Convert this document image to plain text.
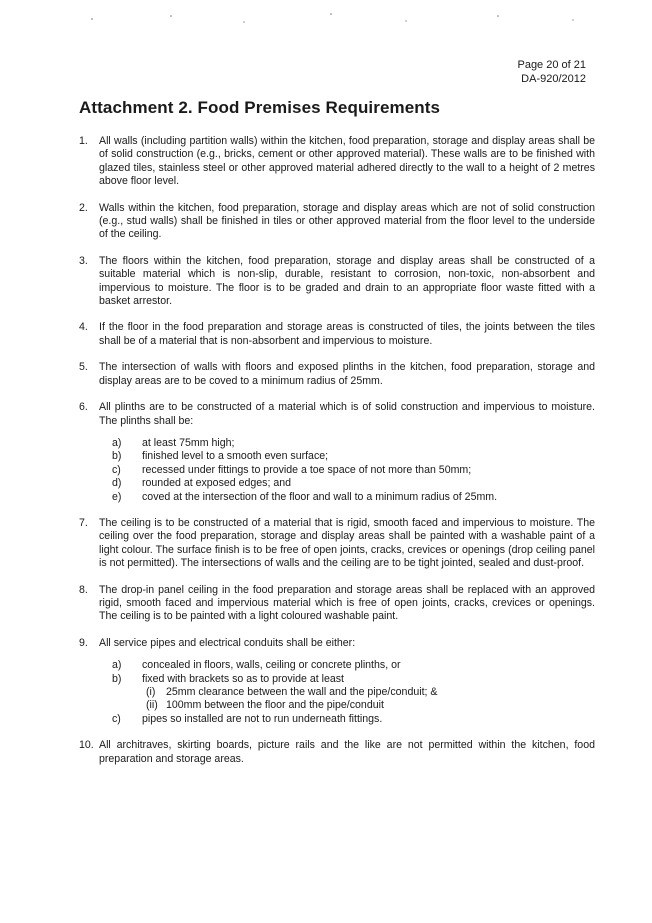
Page 20 of 21
DA-920/2012
Attachment 2. Food Premises Requirements
1.	All walls (including partition walls) within the kitchen, food preparation, storage and display areas shall be of solid construction (e.g., bricks, cement or other approved material). These walls are to be finished with glazed tiles, stainless steel or other approved material adhered directly to the wall to a height of 2 metres above floor level.
2.	Walls within the kitchen, food preparation, storage and display areas which are not of solid construction (e.g., stud walls) shall be finished in tiles or other approved material from the floor level to the underside of the ceiling.
3.	The floors within the kitchen, food preparation, storage and display areas shall be constructed of a suitable material which is non-slip, durable, resistant to corrosion, non-toxic, non-absorbent and impervious to moisture. The floor is to be graded and drain to an appropriate floor waste fitted with a basket arrestor.
4.	If the floor in the food preparation and storage areas is constructed of tiles, the joints between the tiles shall be of a material that is non-absorbent and impervious to moisture.
5.	The intersection of walls with floors and exposed plinths in the kitchen, food preparation, storage and display areas are to be coved to a minimum radius of 25mm.
6.	All plinths are to be constructed of a material which is of solid construction and impervious to moisture. The plinths shall be:
a)	at least 75mm high;
b)	finished level to a smooth even surface;
c)	recessed under fittings to provide a toe space of not more than 50mm;
d)	rounded at exposed edges; and
e)	coved at the intersection of the floor and wall to a minimum radius of 25mm.
7.	The ceiling is to be constructed of a material that is rigid, smooth faced and impervious to moisture. The ceiling over the food preparation, storage and display areas shall be painted with a washable paint of a light colour. The surface finish is to be free of open joints, cracks, crevices or openings (drop ceiling panel is not permitted). The intersections of walls and the ceiling are to be tight jointed, sealed and dust-proof.
8.	The drop-in panel ceiling in the food preparation and storage areas shall be replaced with an approved rigid, smooth faced and impervious material which is free of open joints, cracks, crevices or openings. The ceiling is to be painted with a light coloured washable paint.
9.	All service pipes and electrical conduits shall be either:
a)	concealed in floors, walls, ceiling or concrete plinths, or
b)	fixed with brackets so as to provide at least
(i) 25mm clearance between the wall and the pipe/conduit; &
(ii) 100mm between the floor and the pipe/conduit
c)	pipes so installed are not to run underneath fittings.
10. All architraves, skirting boards, picture rails and the like are not permitted within the kitchen, food preparation and storage areas.
